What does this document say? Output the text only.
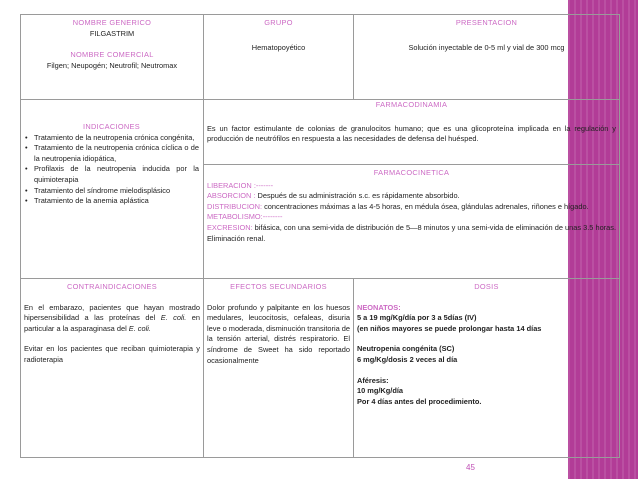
NOMBRE GENERICO
FILGASTRIM
NOMBRE COMERCIAL
Filgen; Neupogén; Neutrofil; Neutromax
GRUPO
Hematopoyético
PRESENTACION
Solución inyectable de 0-5 ml y vial de 300 mcg
INDICACIONES
• Tratamiento de la neutropenia crónica congénita,
• Tratamiento de la neutropenia crónica cíclica o de la neutropenia idiopática,
• Profilaxis de la neutropenia inducida por la quimioterapia
• Tratamiento del síndrome mielodisplásico
• Tratamiento de la anemia aplástica
FARMACODINAMIA

Es un factor estimulante de colonias de granulocitos humano; que es una glicoproteína implicada en la regulación y producción de neutrófilos en respuesta a las necesidades de defensa del huésped.

FARMACOCINETICA

LIBERACION :-------

ABSORCION : Después de su administración s.c. es rápidamente absorbido.

DISTRIBUCION: concentraciones máximas a las 4-5 horas, en médula ósea, glándulas adrenales, riñones e hígado.

METABOLISMO:--------

EXCRESION: bifásica, con una semi-vida de distribución de 5—8 minutos y una semi-vida de eliminación de unas 3.5 horas. Eliminación renal.

CONTRAINDICACIONES

En el embarazo, pacientes que hayan mostrado hipersensibilidad a las proteínas del E. coli. en particular a la asparaginasa del E. coli.

Evitar en los pacientes que reciban quimioterapia y radioterapia

EFECTOS SECUNDARIOS

Dolor profundo y palpitante en los huesos medulares, leucocitosis, cefaleas, disuria leve o moderada, disminución transitoria de la tensión arterial, distrés respiratorio. El síndrome de Sweet ha sido reportado ocasionalmente

DOSIS
NEONATOS:
5 a 19 mg/Kg/día por 3 a 5días (IV)
(en niños mayores se puede prolongar hasta 14 días
Neutropenia congénita (SC)
6 mg/Kg/dosis 2 veces al día
Aféresis:
10 mg/Kg/día
Por 4 días antes del procedimiento.
45
